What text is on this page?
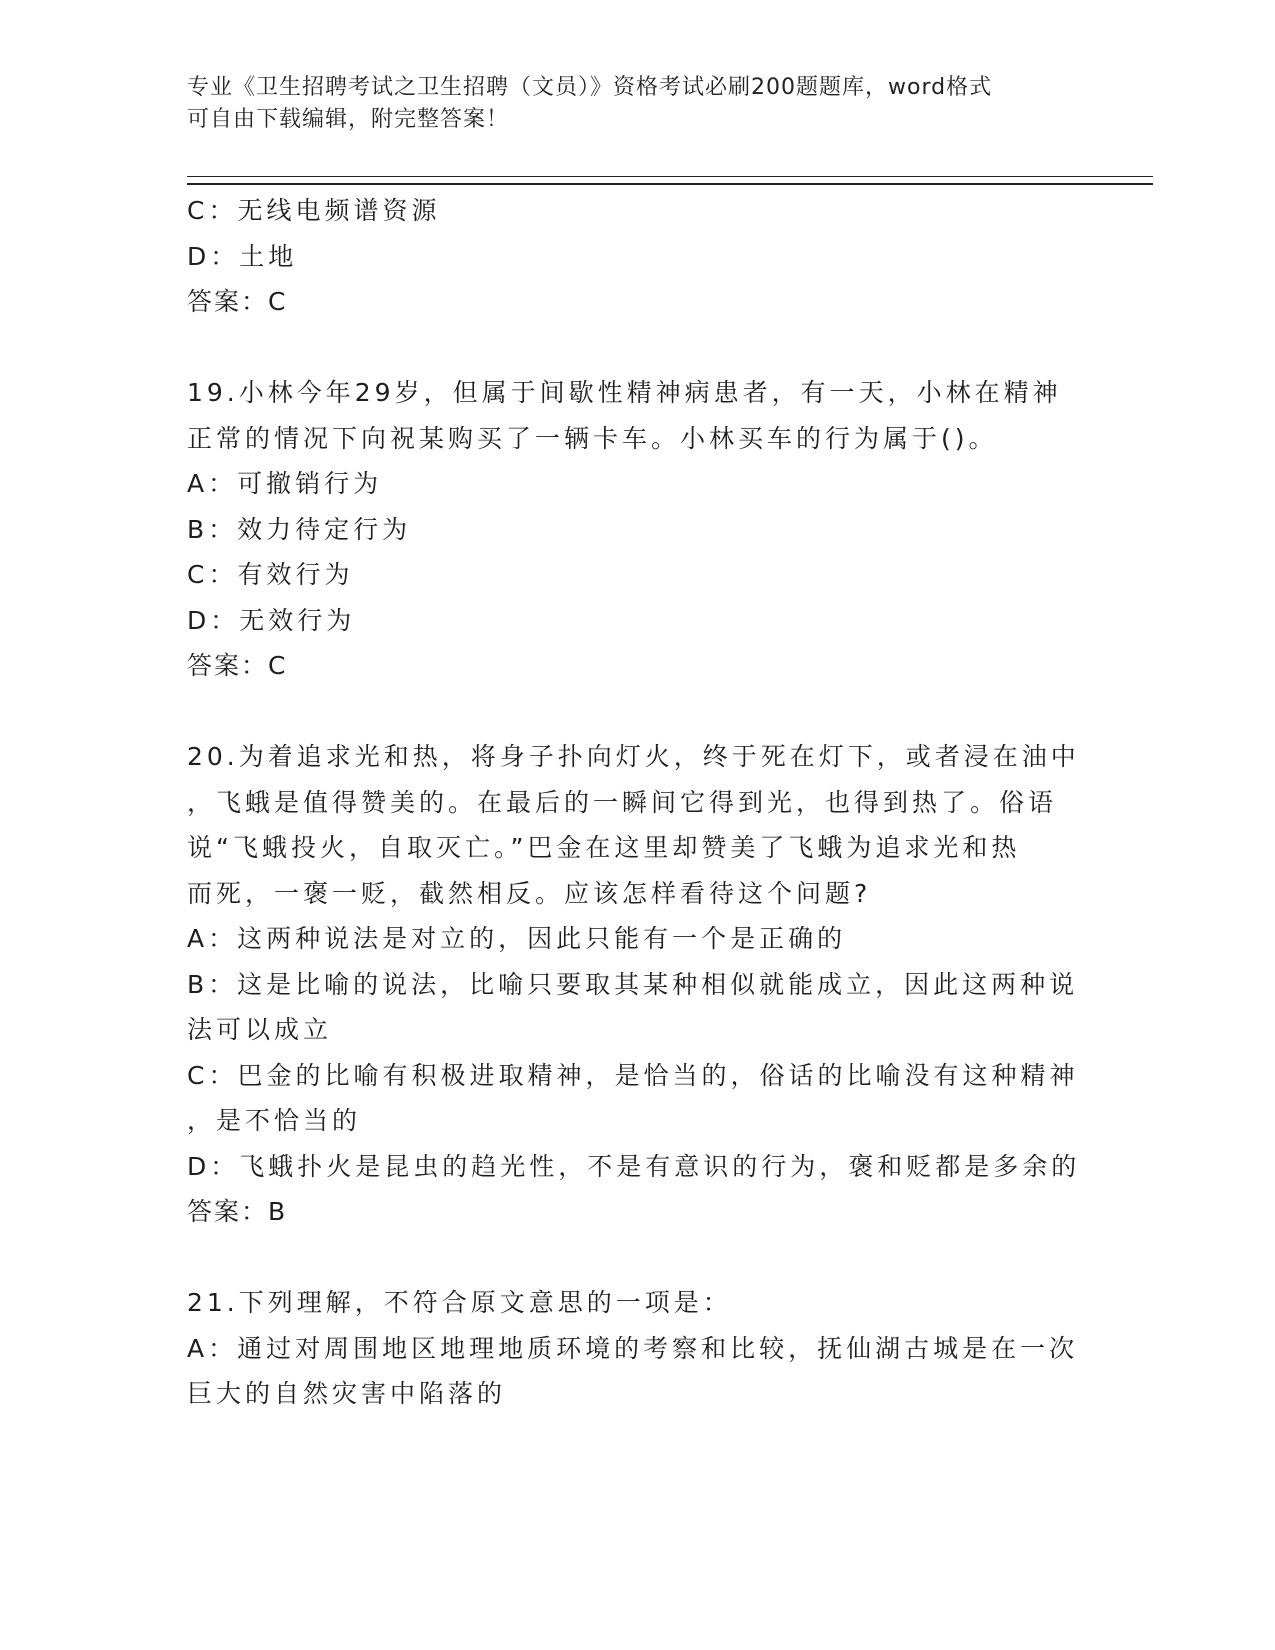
专业《卫生招聘考试之卫生招聘（文员）》资格考试必刷200题题库，word格式
可自由下载编辑，附完整答案！
C：无线电频谱资源
D：土地
答案：C
19.小林今年29岁，但属于间歇性精神病患者，有一天，小林在精神
正常的情况下向祝某购买了一辆卡车。小林买车的行为属于()。
A：可撤销行为
B：效力待定行为
C：有效行为
D：无效行为
答案：C
20.为着追求光和热，将身子扑向灯火，终于死在灯下，或者浸在油中
，飞蛾是值得赞美的。在最后的一瞬间它得到光，也得到热了。俗语
说“飞蛾投火，自取灭亡。”巴金在这里却赞美了飞蛾为追求光和热
而死，一褒一贬，截然相反。应该怎样看待这个问题?
A：这两种说法是对立的，因此只能有一个是正确的
B：这是比喻的说法，比喻只要取其某种相似就能成立，因此这两种说
法可以成立
C：巴金的比喻有积极进取精神，是恰当的，俗话的比喻没有这种精神
，是不恰当的
D：飞蛾扑火是昆虫的趋光性，不是有意识的行为，褒和贬都是多余的
答案：B
21.下列理解，不符合原文意思的一项是：
A：通过对周围地区地理地质环境的考察和比较，抚仙湖古城是在一次
巨大的自然灾害中陷落的
